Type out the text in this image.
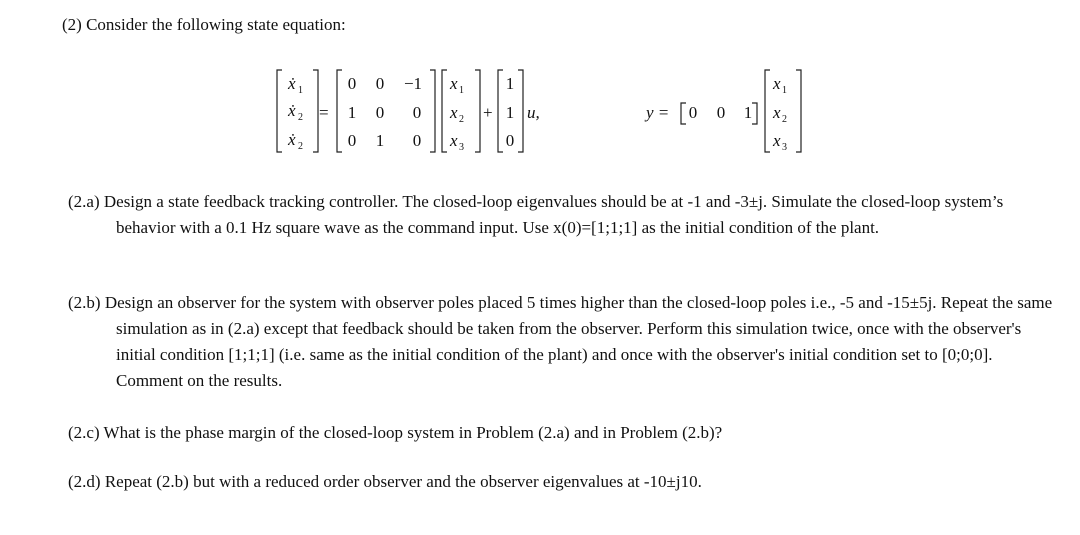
(2) Consider the following state equation:
ẋ 1
ẋ 2
ẋ 2
=
0 0 −1
1 0 0
0 1 0
x 1
x 2
x 3
+
1
1
0
u,	y = 0 0 1
x 1
x 2
x 3
(2.a) Design a state feedback tracking controller. The closed-loop eigenvalues should be at -1 and -3±j. Simulate the closed-loop system’s behavior with a 0.1 Hz square wave as the command input. Use x(0)=[1;1;1] as the initial condition of the plant.
(2.b) Design an observer for the system with observer poles placed 5 times higher than the closed-loop poles i.e., -5 and -15±5j. Repeat the same simulation as in (2.a) except that feedback should be taken from the observer. Perform this simulation twice, once with the observer's initial condition [1;1;1] (i.e. same as the initial condition of the plant) and once with the observer's initial condition set to [0;0;0]. Comment on the results.
(2.c) What is the phase margin of the closed-loop system in Problem (2.a) and in Problem (2.b)?
(2.d) Repeat (2.b) but with a reduced order observer and the observer eigenvalues at -10±j10.
